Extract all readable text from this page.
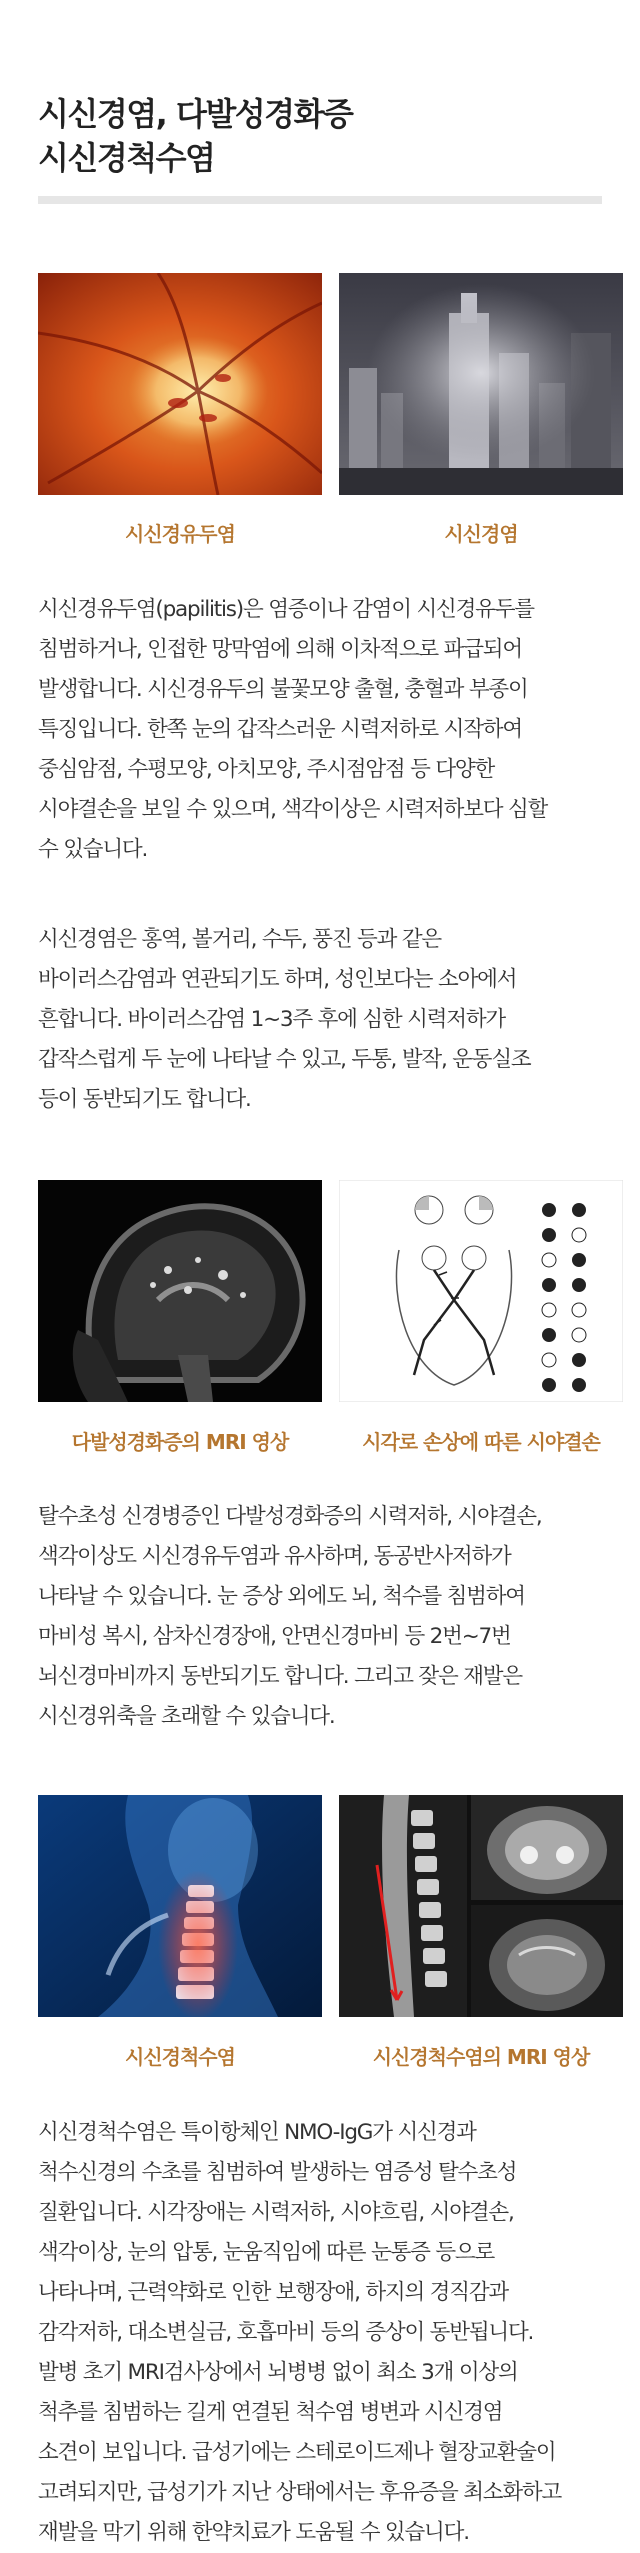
시신경염, 다발성경화증
시신경척수염
시신경유두염	시신경염

시신경유두염(papilitis)은 염증이나 감염이 시신경유두를
침범하거나, 인접한 망막염에 의해 이차적으로 파급되어
발생합니다. 시신경유두의 불꽃모양 출혈, 충혈과 부종이
특징입니다. 한쪽 눈의 갑작스러운 시력저하로 시작하여
중심암점, 수평모양, 아치모양, 주시점암점 등 다양한
시야결손을 보일 수 있으며, 색각이상은 시력저하보다 심할
수 있습니다.

시신경염은 홍역, 볼거리, 수두, 풍진 등과 같은
바이러스감염과 연관되기도 하며, 성인보다는 소아에서
흔합니다. 바이러스감염 1~3주 후에 심한 시력저하가
갑작스럽게 두 눈에 나타날 수 있고, 두통, 발작, 운동실조
등이 동반되기도 합니다.

다발성경화증의 MRI 영상	시각로 손상에 따른 시야결손

탈수초성 신경병증인 다발성경화증의 시력저하, 시야결손,
색각이상도 시신경유두염과 유사하며, 동공반사저하가
나타날 수 있습니다. 눈 증상 외에도 뇌, 척수를 침범하여
마비성 복시, 삼차신경장애, 안면신경마비 등 2번~7번
뇌신경마비까지 동반되기도 합니다. 그리고 잦은 재발은
시신경위축을 초래할 수 있습니다.

시신경척수염	시신경척수염의 MRI 영상

시신경척수염은 특이항체인 NMO-IgG가 시신경과
척수신경의 수초를 침범하여 발생하는 염증성 탈수초성
질환입니다. 시각장애는 시력저하, 시야흐림, 시야결손,
색각이상, 눈의 압통, 눈움직임에 따른 눈통증 등으로
나타나며, 근력약화로 인한 보행장애, 하지의 경직감과
감각저하, 대소변실금, 호흡마비 등의 증상이 동반됩니다.
발병 초기 MRI검사상에서 뇌병병 없이 최소 3개 이상의
척추를 침범하는 길게 연결된 척수염 병변과 시신경염
소견이 보입니다. 급성기에는 스테로이드제나 혈장교환술이
고려되지만, 급성기가 지난 상태에서는 후유증을 최소화하고
재발을 막기 위해 한약치료가 도움될 수 있습니다.
